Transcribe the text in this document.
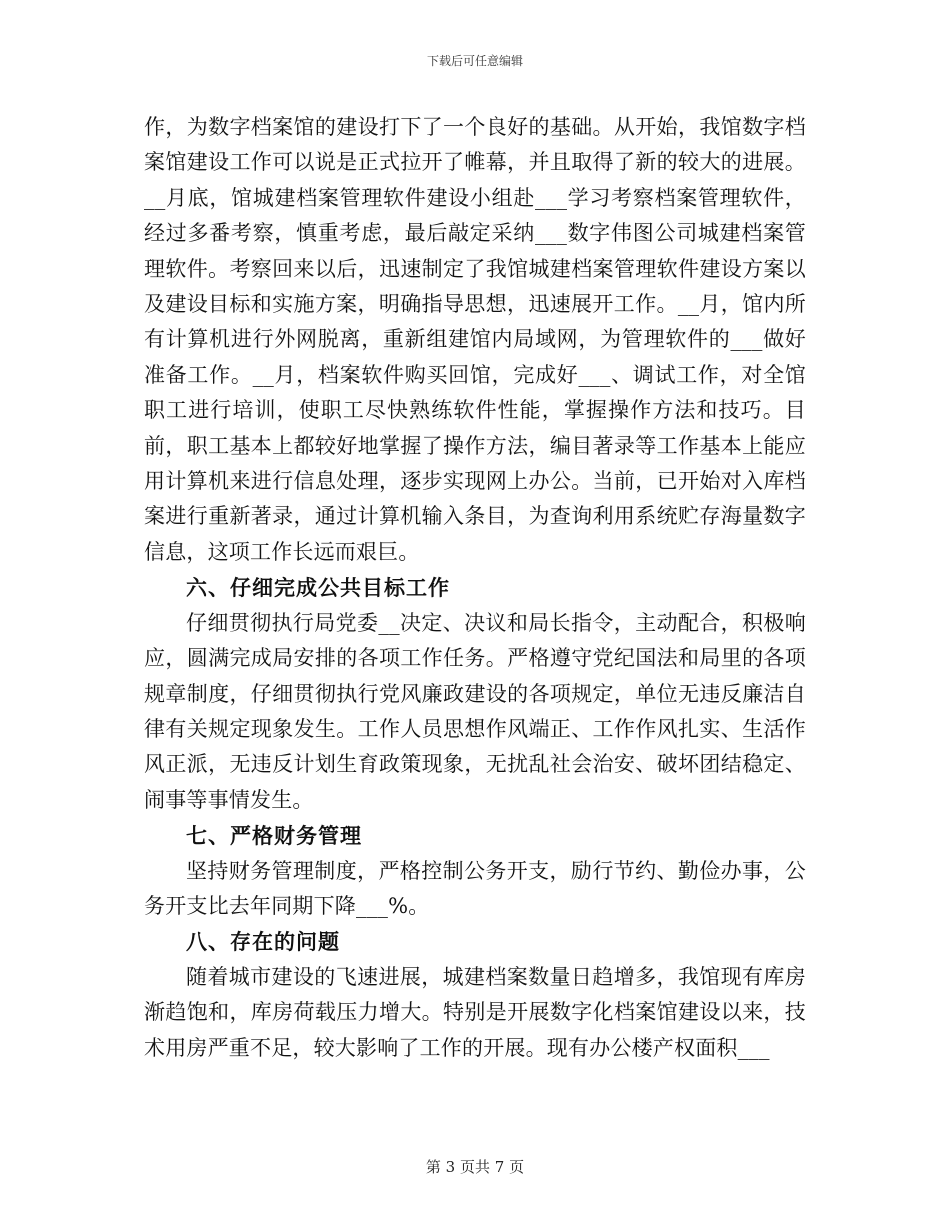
下载后可任意编辑

作，为数字档案馆的建设打下了一个良好的基础。从开始，我馆数字档案馆建设工作可以说是正式拉开了帷幕，并且取得了新的较大的进展。__月底，馆城建档案管理软件建设小组赴___学习考察档案管理软件，经过多番考察，慎重考虑，最后敲定采纳___数字伟图公司城建档案管理软件。考察回来以后，迅速制定了我馆城建档案管理软件建设方案以及建设目标和实施方案，明确指导思想，迅速展开工作。__月，馆内所有计算机进行外网脱离，重新组建馆内局域网，为管理软件的___做好准备工作。__月，档案软件购买回馆，完成好___、调试工作，对全馆职工进行培训，使职工尽快熟练软件性能，掌握操作方法和技巧。目前，职工基本上都较好地掌握了操作方法，编目著录等工作基本上能应用计算机来进行信息处理，逐步实现网上办公。当前，已开始对入库档案进行重新著录，通过计算机输入条目，为查询利用系统贮存海量数字信息，这项工作长远而艰巨。

六、仔细完成公共目标工作

仔细贯彻执行局党委__决定、决议和局长指令，主动配合，积极响应，圆满完成局安排的各项工作任务。严格遵守党纪国法和局里的各项规章制度，仔细贯彻执行党风廉政建设的各项规定，单位无违反廉洁自律有关规定现象发生。工作人员思想作风端正、工作作风扎实、生活作风正派，无违反计划生育政策现象，无扰乱社会治安、破坏团结稳定、闹事等事情发生。

七、严格财务管理

坚持财务管理制度，严格控制公务开支，励行节约、勤俭办事，公务开支比去年同期下降___%。

八、存在的问题

随着城市建设的飞速进展，城建档案数量日趋增多，我馆现有库房渐趋饱和，库房荷载压力增大。特别是开展数字化档案馆建设以来，技术用房严重不足，较大影响了工作的开展。现有办公楼产权面积___

第 3 页共 7 页
